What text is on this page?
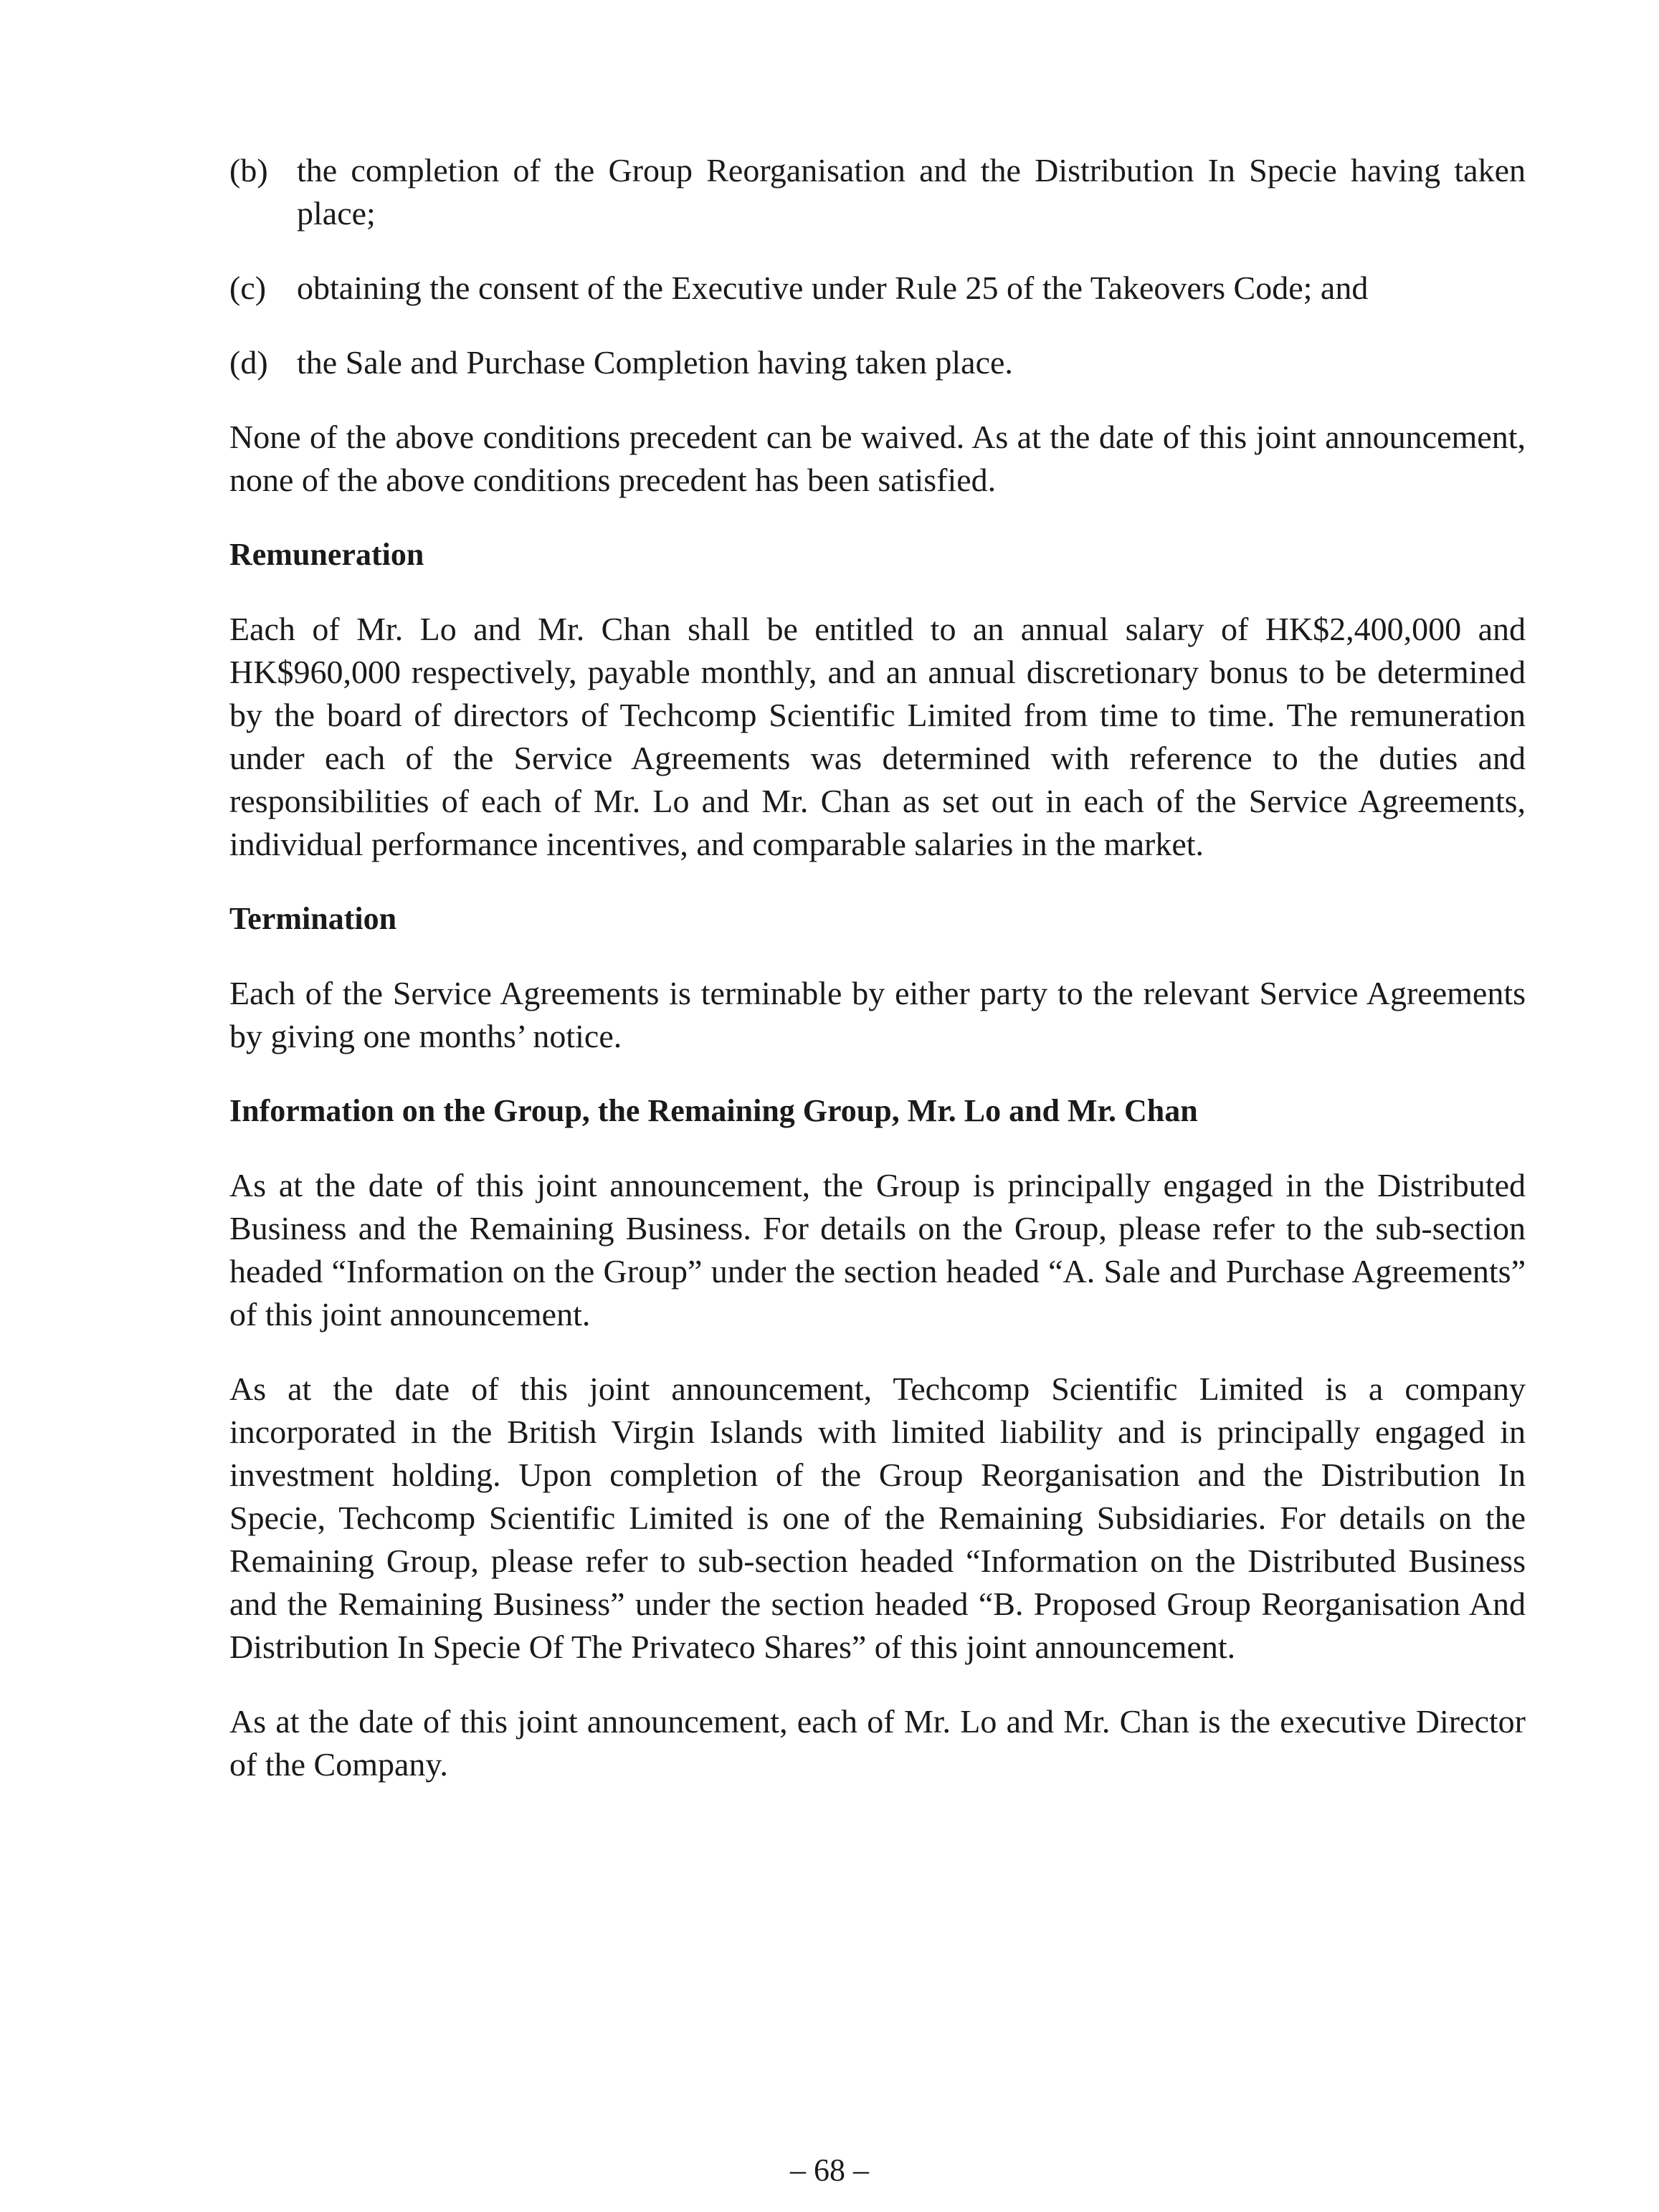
(b) the completion of the Group Reorganisation and the Distribution In Specie having taken place;
(c) obtaining the consent of the Executive under Rule 25 of the Takeovers Code; and
(d) the Sale and Purchase Completion having taken place.

None of the above conditions precedent can be waived. As at the date of this joint announcement, none of the above conditions precedent has been satisfied.

Remuneration

Each of Mr. Lo and Mr. Chan shall be entitled to an annual salary of HK$2,400,000 and HK$960,000 respectively, payable monthly, and an annual discretionary bonus to be determined by the board of directors of Techcomp Scientific Limited from time to time. The remuneration under each of the Service Agreements was determined with reference to the duties and responsibilities of each of Mr. Lo and Mr. Chan as set out in each of the Service Agreements, individual performance incentives, and comparable salaries in the market.

Termination

Each of the Service Agreements is terminable by either party to the relevant Service Agreements by giving one months’ notice.

Information on the Group, the Remaining Group, Mr. Lo and Mr. Chan

As at the date of this joint announcement, the Group is principally engaged in the Distributed Business and the Remaining Business. For details on the Group, please refer to the sub-section headed “Information on the Group” under the section headed “A. Sale and Purchase Agreements” of this joint announcement.

As at the date of this joint announcement, Techcomp Scientific Limited is a company incorporated in the British Virgin Islands with limited liability and is principally engaged in investment holding. Upon completion of the Group Reorganisation and the Distribution In Specie, Techcomp Scientific Limited is one of the Remaining Subsidiaries. For details on the Remaining Group, please refer to sub-section headed “Information on the Distributed Business and the Remaining Business” under the section headed “B. Proposed Group Reorganisation And Distribution In Specie Of The Privateco Shares” of this joint announcement.

As at the date of this joint announcement, each of Mr. Lo and Mr. Chan is the executive Director of the Company.

– 68 –
